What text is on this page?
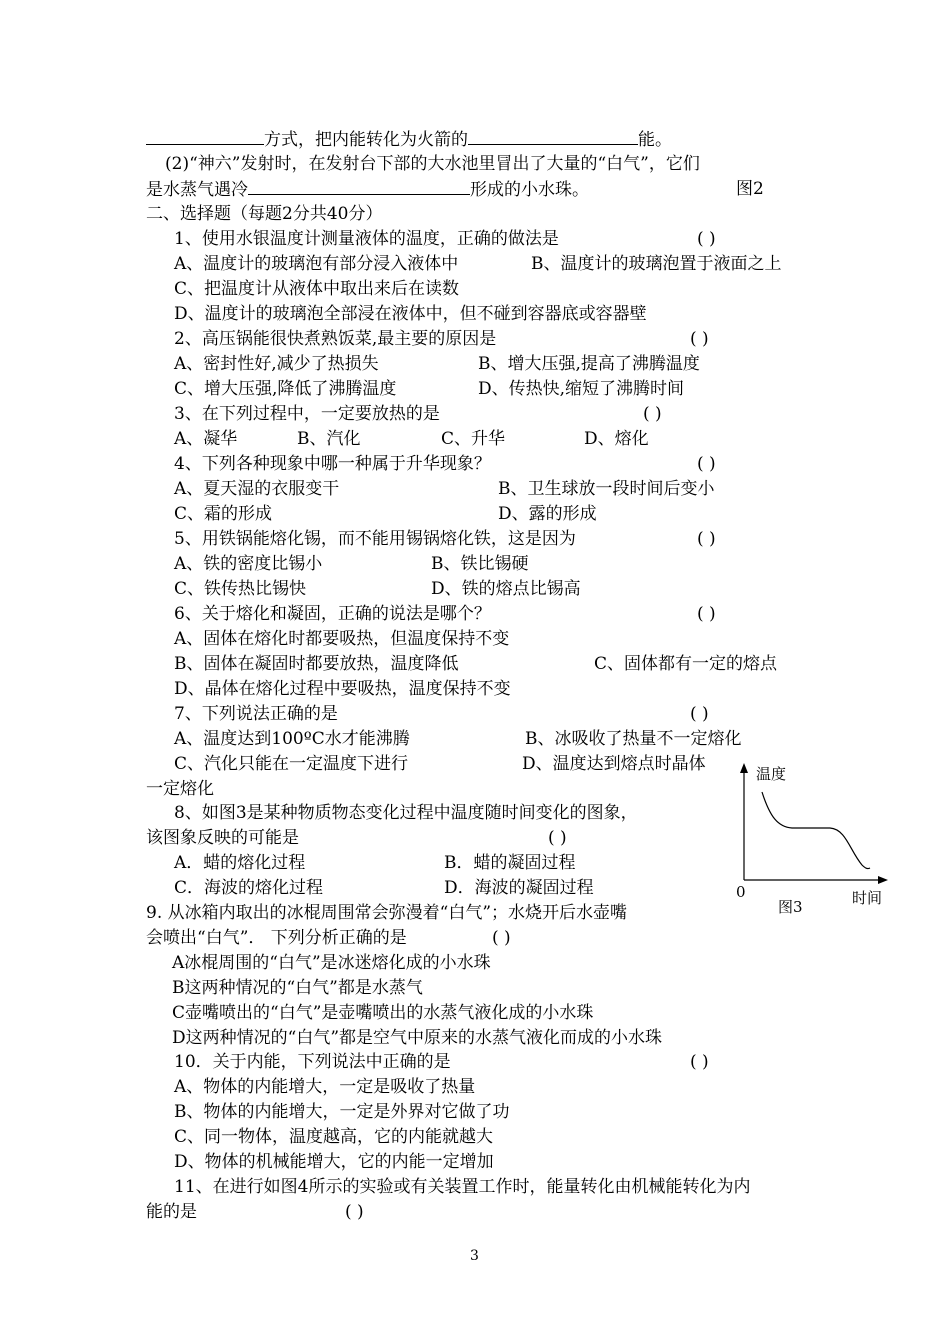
方式，把内能转化为火箭的	能。
(2)“神六”发射时，在发射台下部的大水池里冒出了大量的“白气”，它们
是水蒸气遇冷	形成的小水珠。	图2
二、选择题（每题2分共40分）
1、使用水银温度计测量液体的温度，正确的做法是	( )
A、温度计的玻璃泡有部分浸入液体中	B、温度计的玻璃泡置于液面之上
C、把温度计从液体中取出来后在读数
D、温度计的玻璃泡全部浸在液体中，但不碰到容器底或容器壁
2、高压锅能很快煮熟饭菜,最主要的原因是	( )
A、密封性好,减少了热损失	B、增大压强,提高了沸腾温度
C、增大压强,降低了沸腾温度	D、传热快,缩短了沸腾时间
3、在下列过程中，一定要放热的是	( )
A、凝华	B、汽化	C、升华	D、熔化
4、下列各种现象中哪一种属于升华现象？	( )
A、夏天湿的衣服变干	B、卫生球放一段时间后变小
C、霜的形成	D、露的形成
5、用铁锅能熔化锡，而不能用锡锅熔化铁，这是因为	( )
A、铁的密度比锡小	B、铁比锡硬
C、铁传热比锡快	D、铁的熔点比锡高
6、关于熔化和凝固，正确的说法是哪个？	( )
A、固体在熔化时都要吸热，但温度保持不变
B、固体在凝固时都要放热，温度降低	C、固体都有一定的熔点
D、晶体在熔化过程中要吸热，温度保持不变
7、下列说法正确的是	( )
A、温度达到100ºC水才能沸腾	B、冰吸收了热量不一定熔化
C、汽化只能在一定温度下进行	D、温度达到熔点时晶体
一定熔化
8、如图3是某种物质物态变化过程中温度随时间变化的图象，
该图象反映的可能是	( )
A．蜡的熔化过程	B．蜡的凝固过程
C．海波的熔化过程	D．海波的凝固过程
温度
0	时间
图3
9. 从冰箱内取出的冰棍周围常会弥漫着“白气”；水烧开后水壶嘴
会喷出“白气”． 下列分析正确的是	( )
A冰棍周围的“白气”是冰迷熔化成的小水珠
B这两种情况的“白气”都是水蒸气
C壶嘴喷出的“白气”是壶嘴喷出的水蒸气液化成的小水珠
D这两种情况的“白气”都是空气中原来的水蒸气液化而成的小水珠
10．关于内能，下列说法中正确的是	( )
A、物体的内能增大，一定是吸收了热量
B、物体的内能增大，一定是外界对它做了功
C、同一物体，温度越高，它的内能就越大
D、物体的机械能增大，它的内能一定增加
11、在进行如图4所示的实验或有关装置工作时，能量转化由机械能转化为内
能的是	( )
3
